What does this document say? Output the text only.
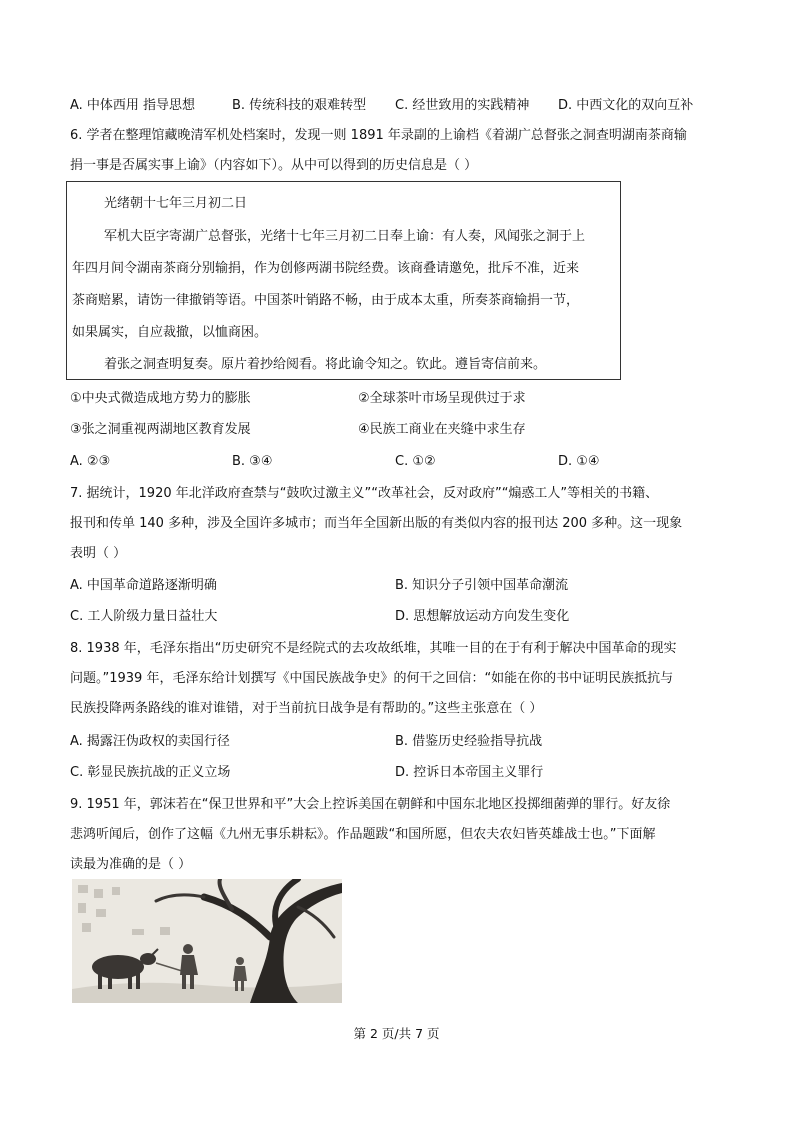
A. 中体西用 指导思想	B. 传统科技的艰难转型 C. 经世致用的实践精神 D. 中西文化的双向互补
6. 学者在整理馆藏晚清军机处档案时，发现一则 1891 年录副的上谕档《着湖广总督张之洞查明湖南茶商输
捐一事是否属实事上谕》（内容如下）。从中可以得到的历史信息是（ ）
光绪朝十七年三月初二日
军机大臣字寄湖广总督张，光绪十七年三月初二日奉上谕：有人奏，风闻张之洞于上
年四月间令湖南茶商分别输捐，作为创修两湖书院经费。该商叠请邀免，批斥不准，近来
茶商赔累，请饬一律撤销等语。中国茶叶销路不畅，由于成本太重，所奏茶商输捐一节，
如果属实，自应裁撤，以恤商困。
着张之洞查明复奏。原片着抄给阅看。将此谕令知之。钦此。遵旨寄信前来。
①中央式微造成地方势力的膨胀	②全球茶叶市场呈现供过于求
③张之洞重视两湖地区教育发展	④民族工商业在夹缝中求生存
A. ②③	B. ③④	C. ①②	D. ①④
7. 据统计，1920 年北洋政府查禁与“鼓吹过激主义”“改革社会，反对政府”“煽惑工人”等相关的书籍、
报刊和传单 140 多种，涉及全国许多城市；而当年全国新出版的有类似内容的报刊达 200 多种。这一现象
表明（ ）
A. 中国革命道路逐渐明确	B. 知识分子引领中国革命潮流
C. 工人阶级力量日益壮大	D. 思想解放运动方向发生变化
8. 1938 年，毛泽东指出“历史研究不是经院式的去攻故纸堆，其唯一目的在于有利于解决中国革命的现实
问题。”1939 年，毛泽东给计划撰写《中国民族战争史》的何干之回信：“如能在你的书中证明民族抵抗与
民族投降两条路线的谁对谁错，对于当前抗日战争是有帮助的。”这些主张意在（ ）
A. 揭露汪伪政权的卖国行径	B. 借鉴历史经验指导抗战
C. 彰显民族抗战的正义立场	D. 控诉日本帝国主义罪行
9. 1951 年，郭沫若在“保卫世界和平”大会上控诉美国在朝鲜和中国东北地区投掷细菌弹的罪行。好友徐
悲鸿听闻后，创作了这幅《九州无事乐耕耘》。作品题跋“和国所愿，但农夫农妇皆英雄战士也。”下面解
读最为准确的是（ ）
第 2 页/共 7 页
